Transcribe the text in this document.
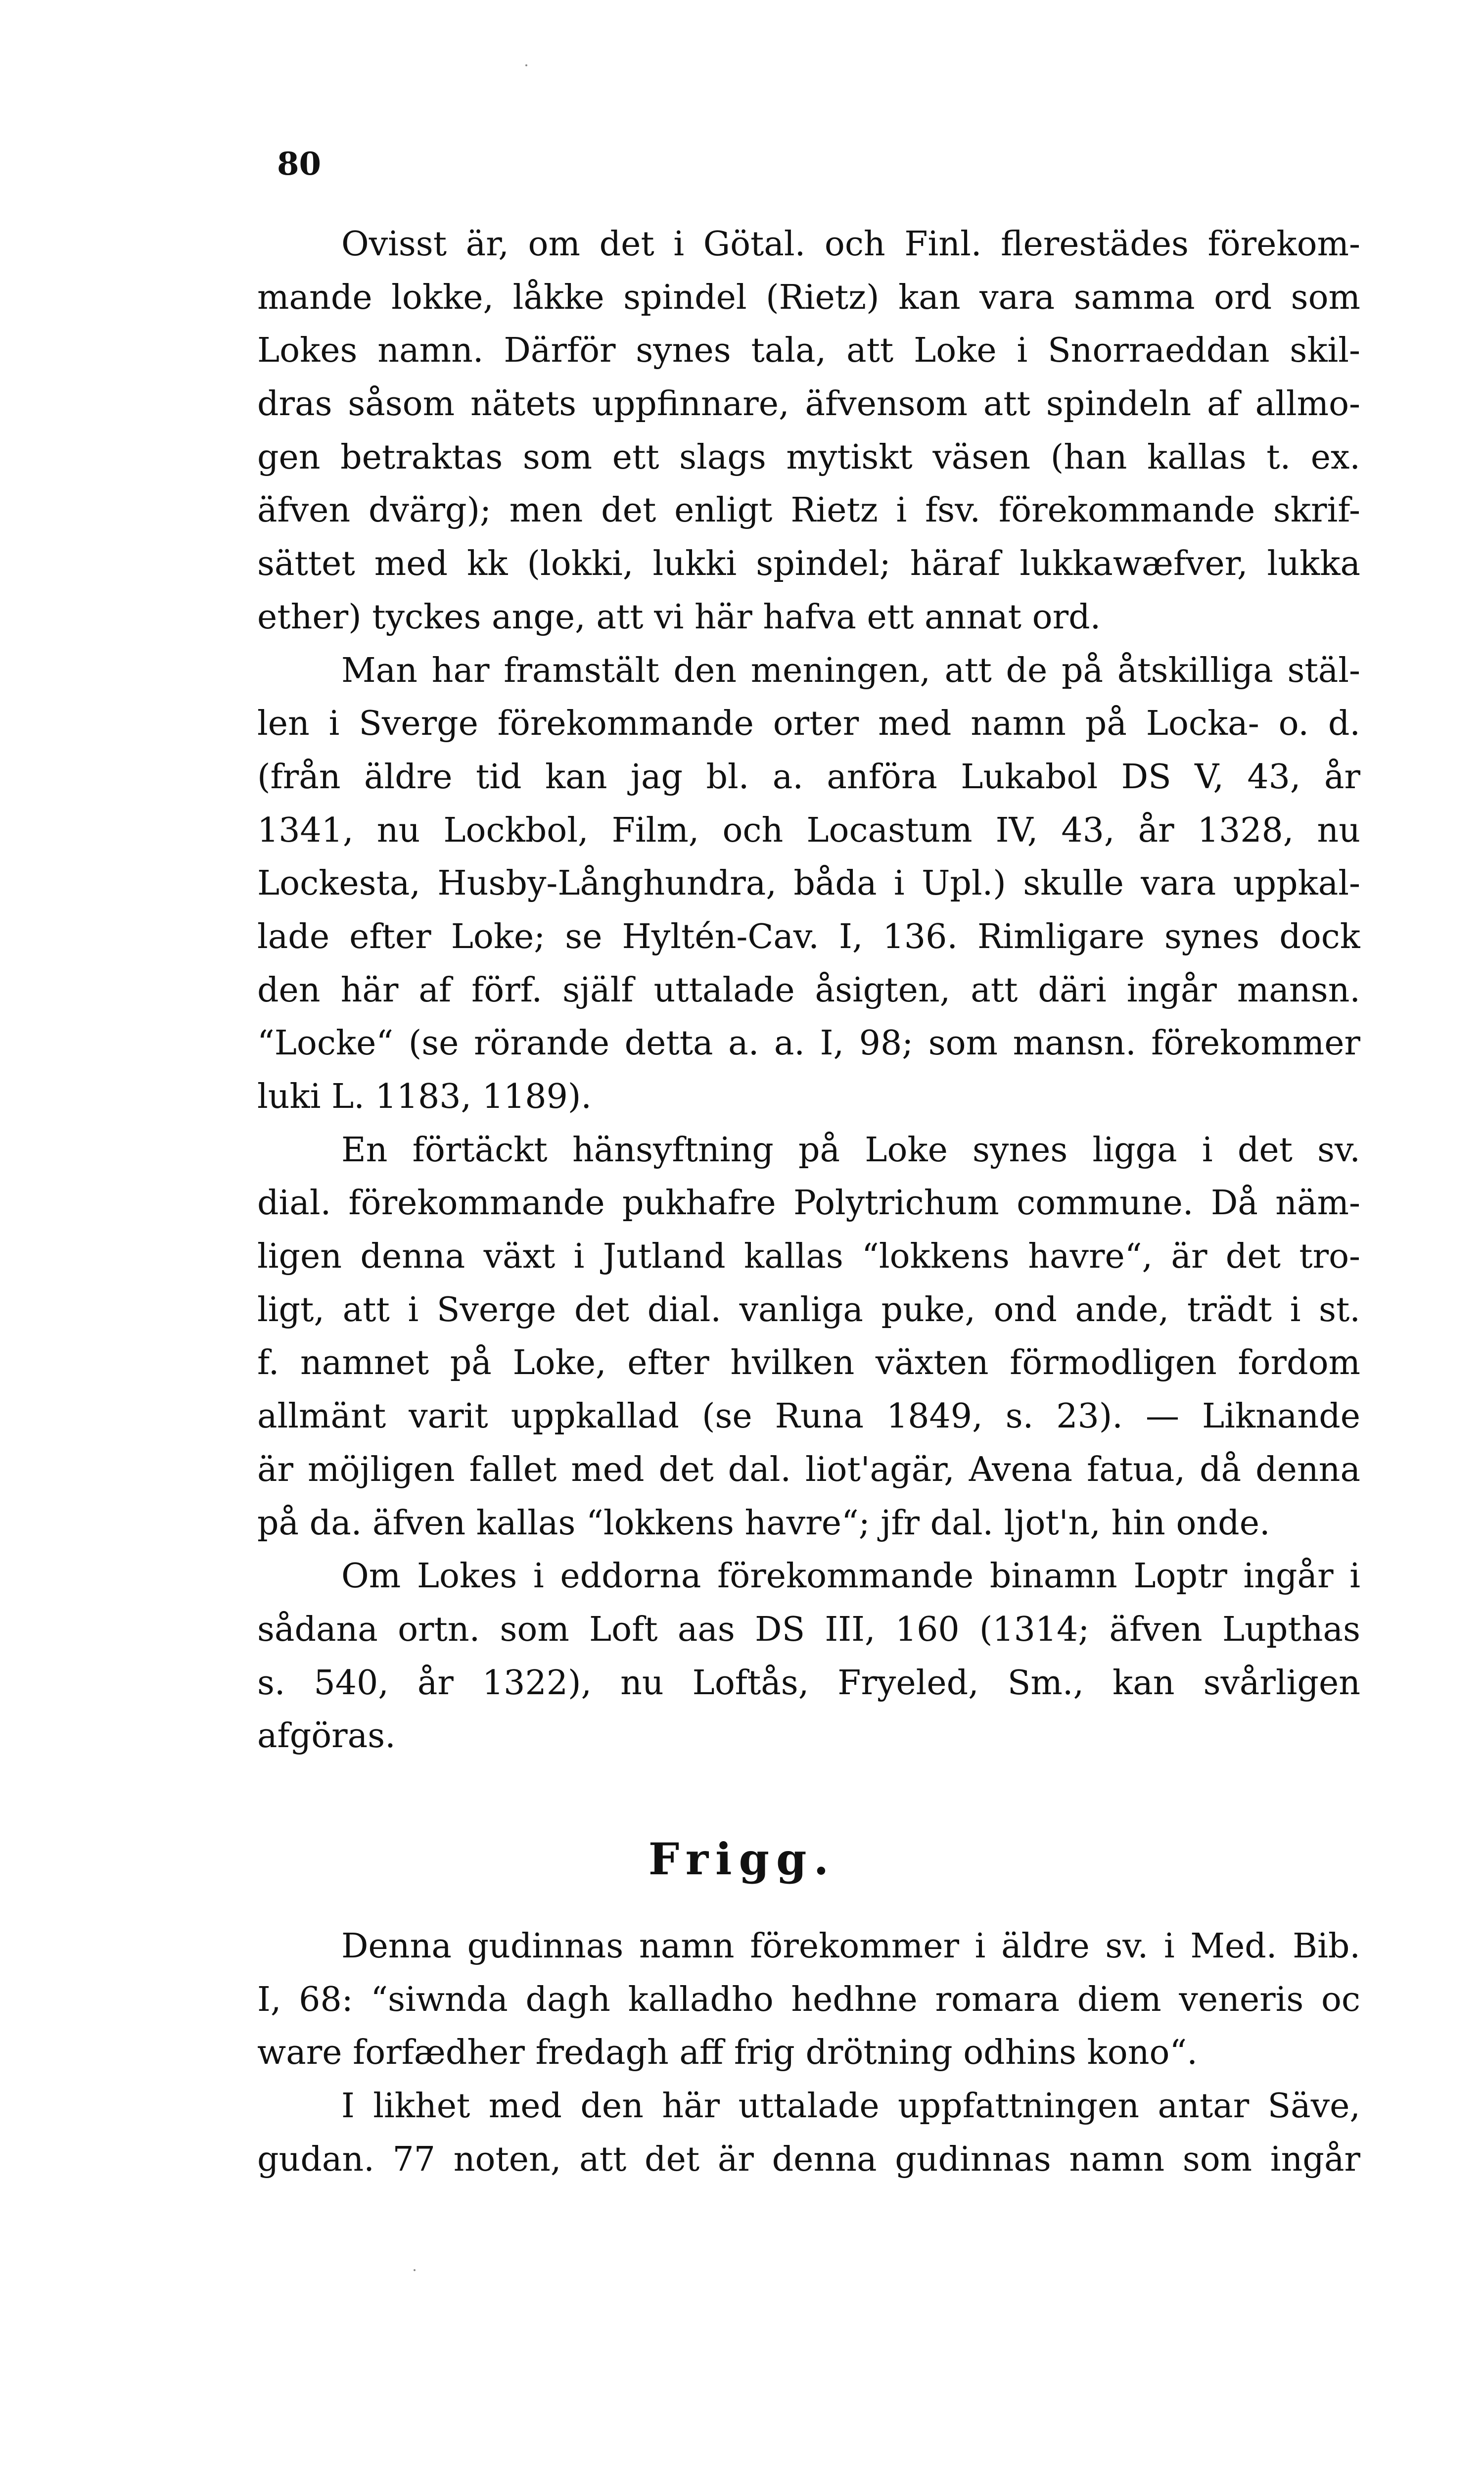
80
Ovisst är, om det i Götal. och Finl. flerestädes förekom-
mande lokke, låkke spindel (Rietz) kan vara samma ord som
Lokes namn. Därför synes tala, att Loke i Snorraeddan skil-
dras såsom nätets uppfinnare, äfvensom att spindeln af allmo-
gen betraktas som ett slags mytiskt väsen (han kallas t. ex.
äfven dvärg); men det enligt Rietz i fsv. förekommande skrif-
sättet med kk (lokki, lukki spindel; häraf lukkawæfver, lukka
ether) tyckes ange, att vi här hafva ett annat ord.
Man har framstält den meningen, att de på åtskilliga stäl-
len i Sverge förekommande orter med namn på Locka- o. d.
(från äldre tid kan jag bl. a. anföra Lukabol DS V, 43, år
1341, nu Lockbol, Film, och Locastum IV, 43, år 1328, nu
Lockesta, Husby-Långhundra, båda i Upl.) skulle vara uppkal-
lade efter Loke; se Hyltén-Cav. I, 136. Rimligare synes dock
den här af förf. själf uttalade åsigten, att däri ingår mansn.
“Locke“ (se rörande detta a. a. I, 98; som mansn. förekommer
luki L. 1183, 1189).
En förtäckt hänsyftning på Loke synes ligga i det sv.
dial. förekommande pukhafre Polytrichum commune. Då näm-
ligen denna växt i Jutland kallas “lokkens havre“, är det tro-
ligt, att i Sverge det dial. vanliga puke, ond ande, trädt i st.
f. namnet på Loke, efter hvilken växten förmodligen fordom
allmänt varit uppkallad (se Runa 1849, s. 23). — Liknande
är möjligen fallet med det dal. liot'agär, Avena fatua, då denna
på da. äfven kallas “lokkens havre“; jfr dal. ljot'n, hin onde.
Om Lokes i eddorna förekommande binamn Loptr ingår i
sådana ortn. som Loft aas DS III, 160 (1314; äfven Lupthas
s. 540, år 1322), nu Loftås, Fryeled, Sm., kan svårligen
afgöras.
Frigg.
Denna gudinnas namn förekommer i äldre sv. i Med. Bib.
I, 68: “siwnda dagh kalladho hedhne romara diem veneris oc
ware forfædher fredagh aff frig drötning odhins kono“.
I likhet med den här uttalade uppfattningen antar Säve,
gudan. 77 noten, att det är denna gudinnas namn som ingår
